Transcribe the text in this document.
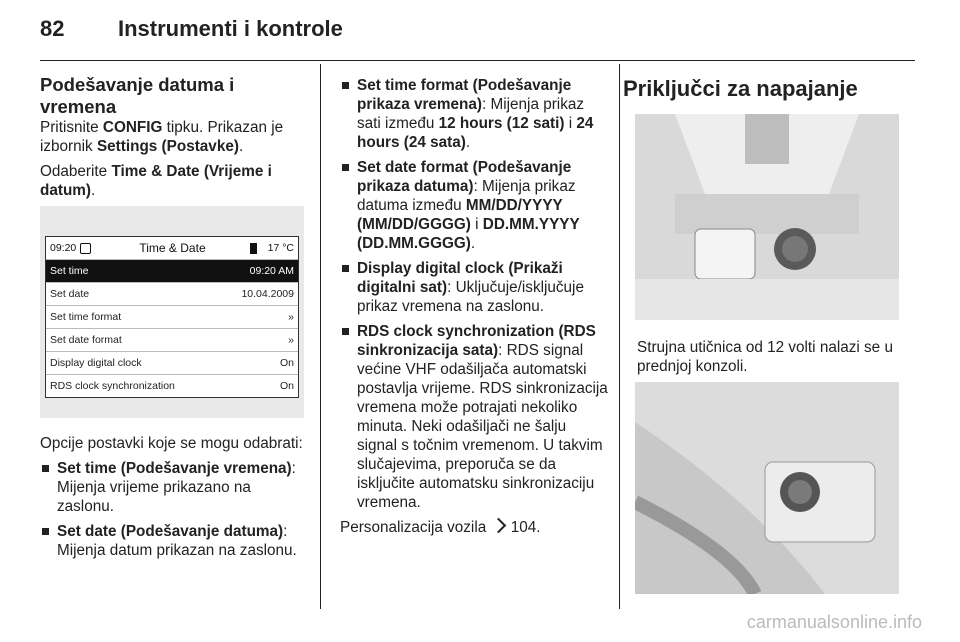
82 Instrumenti i kontrole
Podešavanje datuma i vremena

Pritisnite CONFIG tipku. Prikazan je izbornik Settings (Postavke).

Odaberite Time & Date (Vrijeme i datum).

09:20	Time & Date	17 °C
Set time	09:20 AM
Set date	10.04.2009
Set time format	»
Set date format	»
Display digital clock	On
RDS clock synchronization	On

Opcije postavki koje se mogu odabrati:

Set time (Podešavanje vremena): Mijenja vrijeme prikazano na zaslonu.
Set date (Podešavanje datuma): Mijenja datum prikazan na zaslonu.
Set time format (Podešavanje prikaza vremena): Mijenja prikaz sati između 12 hours (12 sati) i 24 hours (24 sata).
Set date format (Podešavanje prikaza datuma): Mijenja prikaz datuma između MM/DD/YYYY (MM/DD/GGGG) i DD.MM.YYYY (DD.MM.GGGG).
Display digital clock (Prikaži digitalni sat): Uključuje/isključuje prikaz vremena na zaslonu.
RDS clock synchronization (RDS sinkronizacija sata): RDS signal većine VHF odašiljača automatski postavlja vrijeme. RDS sinkronizacija vremena može potrajati nekoliko minuta. Neki odašiljači ne šalju signal s točnim vremenom. U takvim slučajevima, preporuča se da isključite automatsku sinkronizaciju vremena.

Personalizacija vozila  104.

Priključci za napajanje

Strujna utičnica od 12 volti nalazi se u prednjoj konzoli.

carmanualsonline.info
